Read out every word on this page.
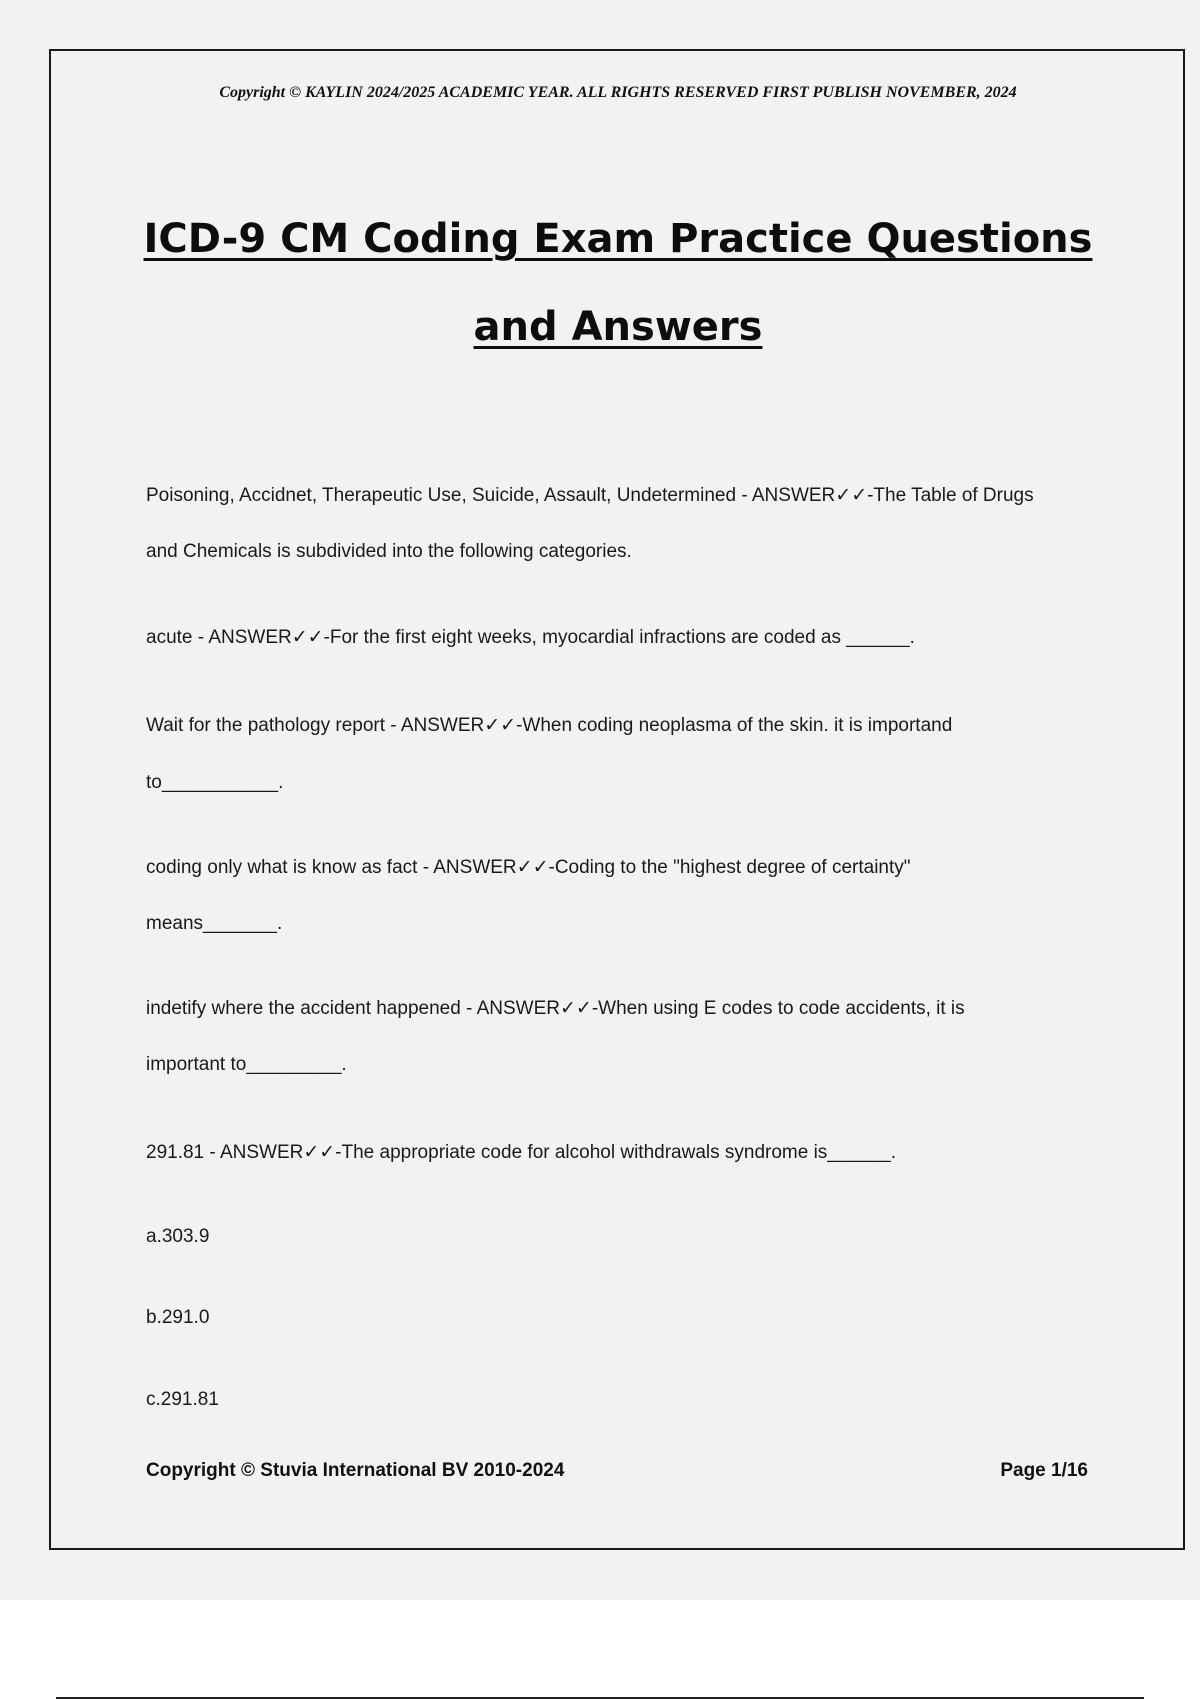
Copyright © KAYLIN 2024/2025 ACADEMIC YEAR. ALL RIGHTS RESERVED FIRST PUBLISH NOVEMBER, 2024
ICD-9 CM Coding Exam Practice Questions
and Answers
Poisoning, Accidnet, Therapeutic Use, Suicide, Assault, Undetermined - ANSWER✓✓-The Table of Drugs
and Chemicals is subdivided into the following categories.
acute - ANSWER✓✓-For the first eight weeks, myocardial infractions are coded as ______.
Wait for the pathology report - ANSWER✓✓-When coding neoplasma of the skin. it is importand
to___________.
coding only what is know as fact - ANSWER✓✓-Coding to the "highest degree of certainty"
means_______.
indetify where the accident happened - ANSWER✓✓-When using E codes to code accidents, it is
important to_________.
291.81 - ANSWER✓✓-The appropriate code for alcohol withdrawals syndrome is______.
a.303.9
b.291.0
c.291.81
Copyright © Stuvia International BV 2010-2024	Page 1/16
